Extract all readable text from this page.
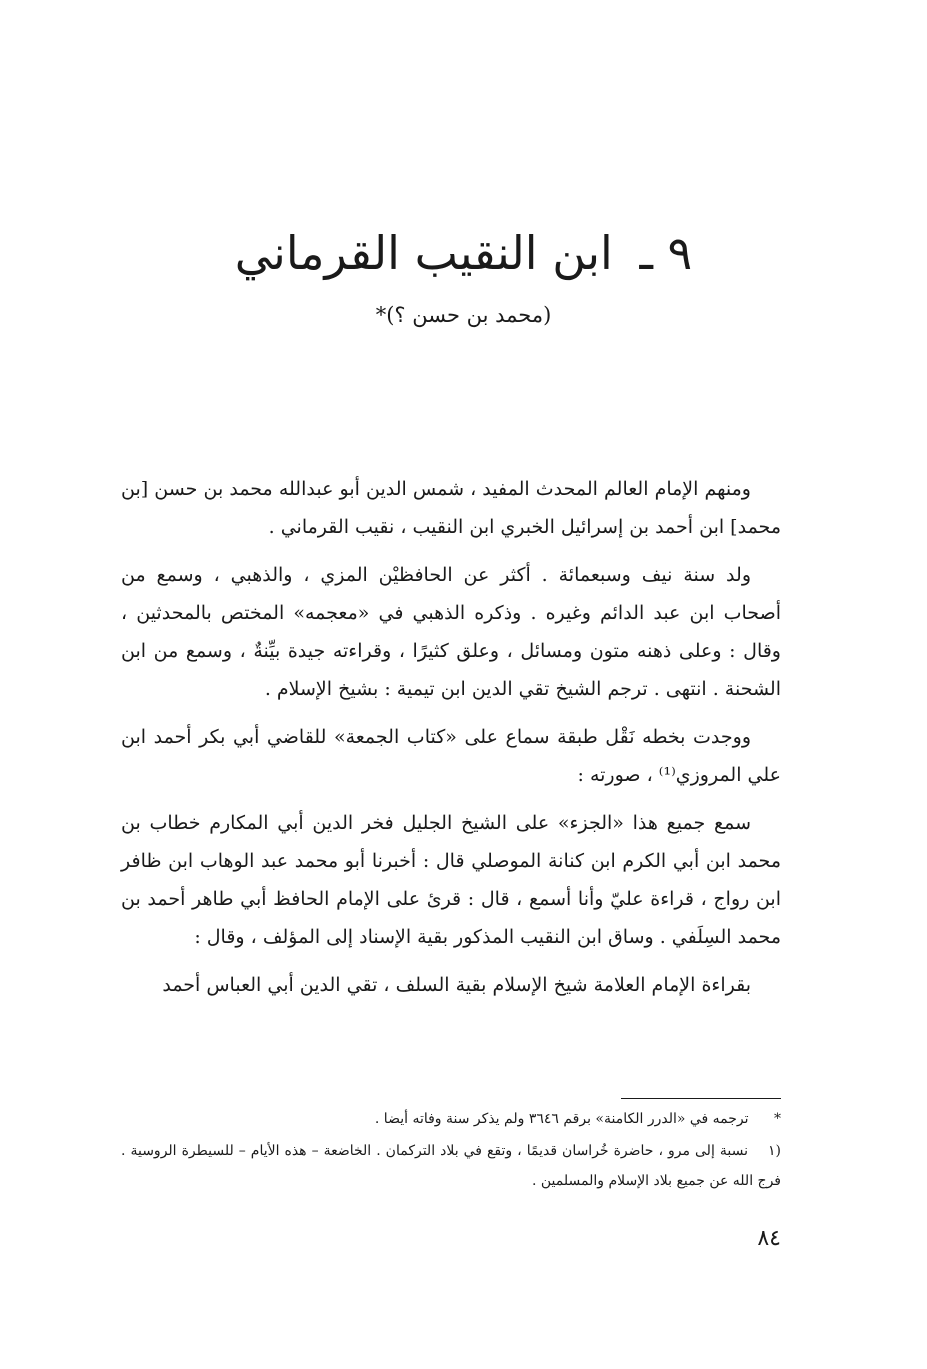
٩ ـ ابن النقيب القرماني
(محمد بن حسن ؟)*

ومنهم الإمام العالم المحدث المفيد ، شمس الدين أبو عبدالله محمد بن حسن [بن محمد] ابن أحمد بن إسرائيل الخبري ابن النقيب ، نقيب القرماني .

ولد سنة نيف وسبعمائة . أكثر عن الحافظيْن المزي ، والذهبي ، وسمع من أصحاب ابن عبد الدائم وغيره . وذكره الذهبي في «معجمه» المختص بالمحدثين ، وقال : وعلى ذهنه متون ومسائل ، وعلق كثيرًا ، وقراءته جيدة بيِّنةٌ ، وسمع من ابن الشحنة . انتهى . ترجم الشيخ تقي الدين ابن تيمية : بشيخ الإسلام .

ووجدت بخطه نَقْل طبقة سماع على «كتاب الجمعة» للقاضي أبي بكر أحمد ابن علي المروزي⁽¹⁾ ، صورته :

سمع جميع هذا «الجزء» على الشيخ الجليل فخر الدين أبي المكارم خطاب بن محمد ابن أبي الكرم ابن كنانة الموصلي قال : أخبرنا أبو محمد عبد الوهاب ابن ظافر ابن رواج ، قراءة عليّ وأنا أسمع ، قال : قرئ على الإمام الحافظ أبي طاهر أحمد بن محمد السِلَفي . وساق ابن النقيب المذكور بقية الإسناد إلى المؤلف ، وقال :

بقراءة الإمام العلامة شيخ الإسلام بقية السلف ، تقي الدين أبي العباس أحمد

* ترجمه في «الدرر الكامنة» برقم ٣٦٤٦ ولم يذكر سنة وفاته أيضا .

(١ نسبة إلى مرو ، حاضرة خُراسان قديمًا ، وتقع في بلاد التركمان . الخاضعة – هذه الأيام – للسيطرة الروسية . فرج الله عن جميع بلاد الإسلام والمسلمين .

٨٤
